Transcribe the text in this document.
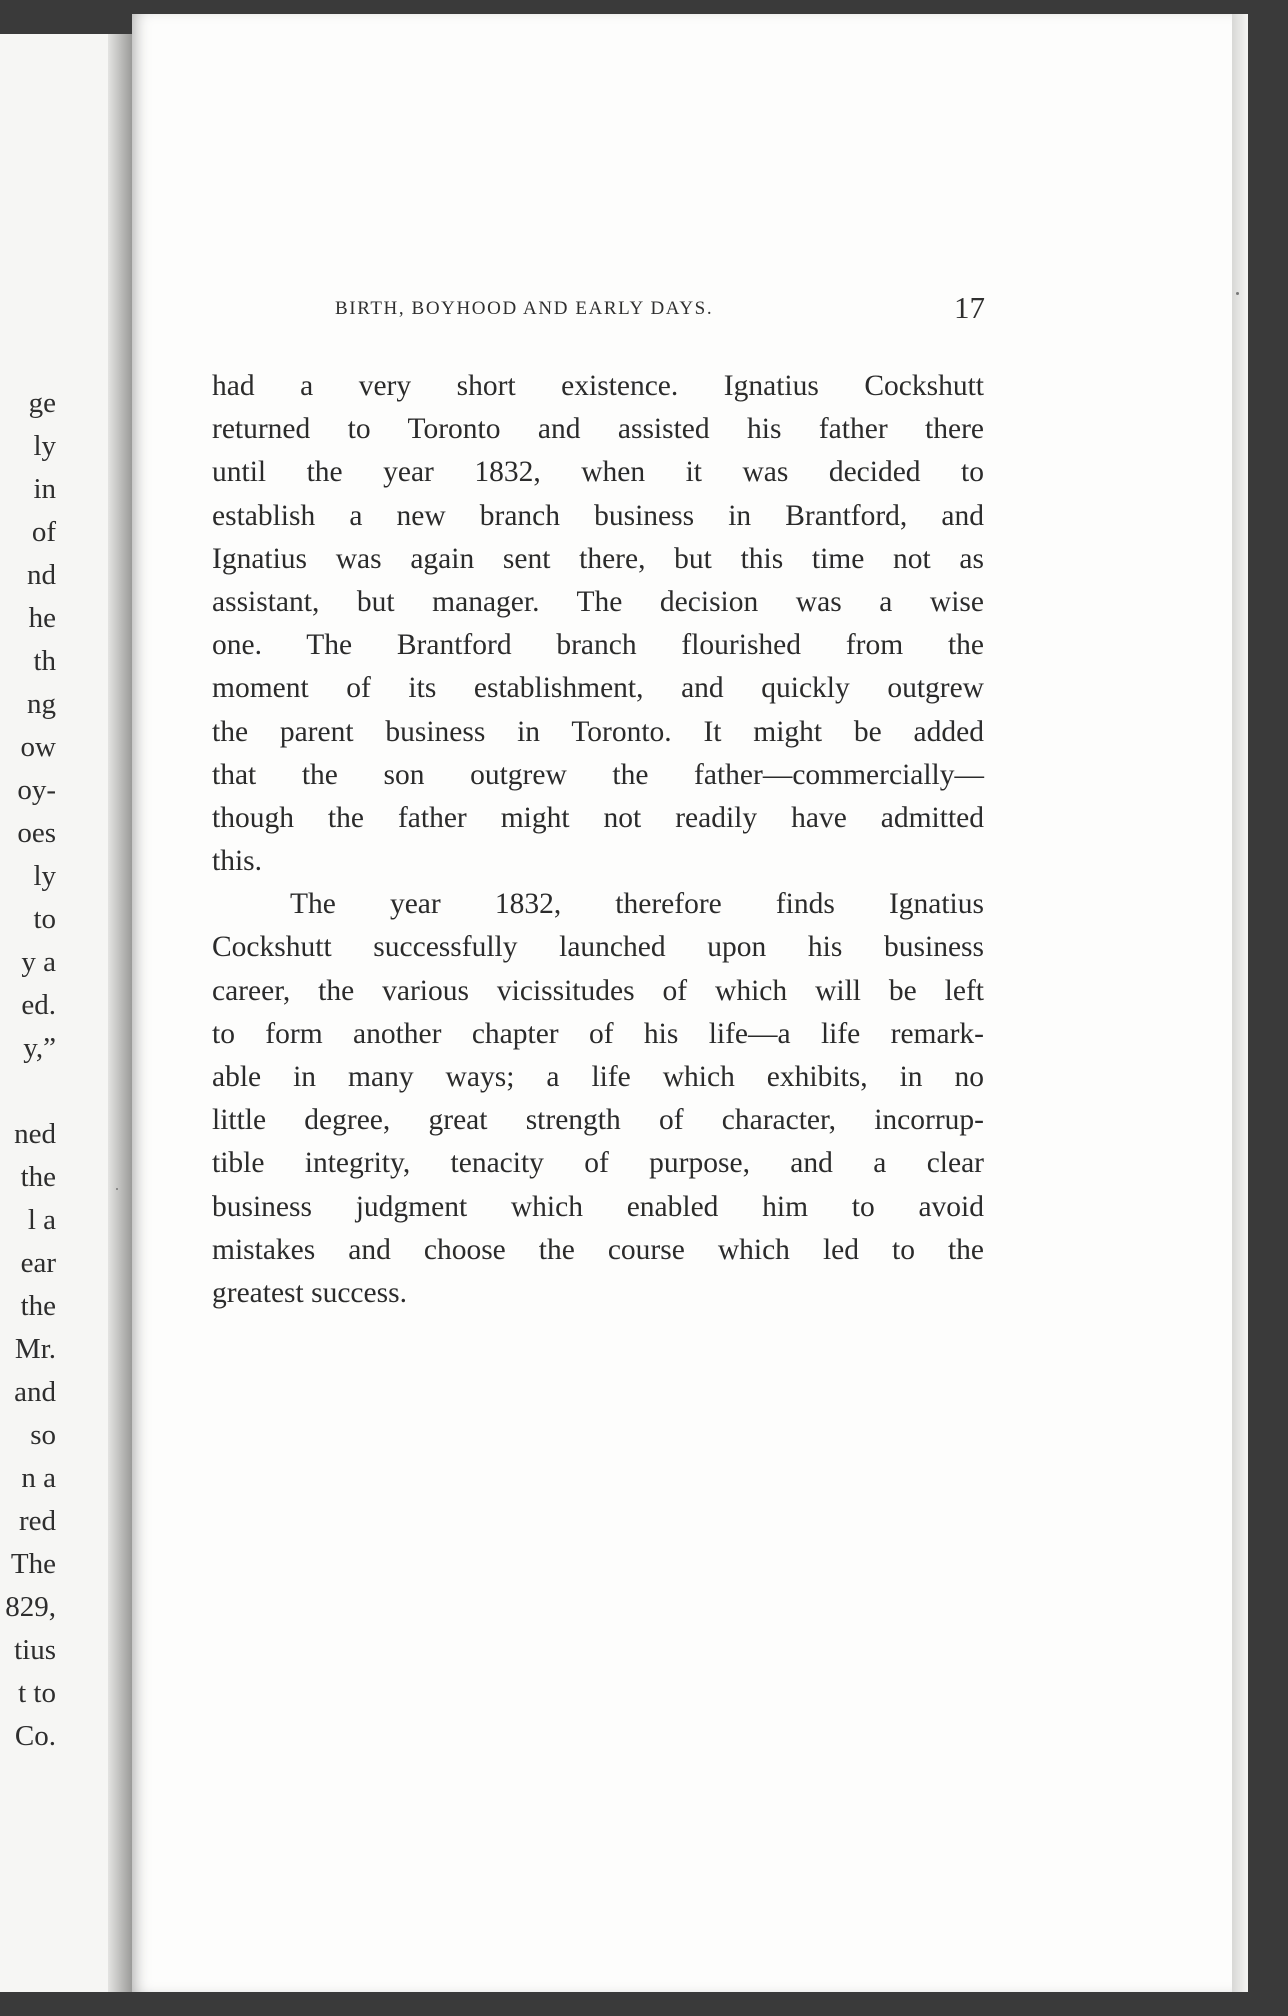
ge
ly
in
of
nd
he
th
ng
ow
oy-
oes
ly
to
y a
ed.
y,”
ned
the
l a
ear
the
Mr.
and
so
n a
red
The
829,
tius
t to
Co.
BIRTH, BOYHOOD AND EARLY DAYS.	17
had a very short existence. Ignatius Cockshutt
returned to Toronto and assisted his father there
until the year 1832, when it was decided to
establish a new branch business in Brantford, and
Ignatius was again sent there, but this time not as
assistant, but manager. The decision was a wise
one. The Brantford branch flourished from the
moment of its establishment, and quickly outgrew
the parent business in Toronto. It might be added
that the son outgrew the father—commercially—
though the father might not readily have admitted
this.
The year 1832, therefore finds Ignatius
Cockshutt successfully launched upon his business
career, the various vicissitudes of which will be left
to form another chapter of his life—a life remark-
able in many ways; a life which exhibits, in no
little degree, great strength of character, incorrup-
tible integrity, tenacity of purpose, and a clear
business judgment which enabled him to avoid
mistakes and choose the course which led to the
greatest success.
